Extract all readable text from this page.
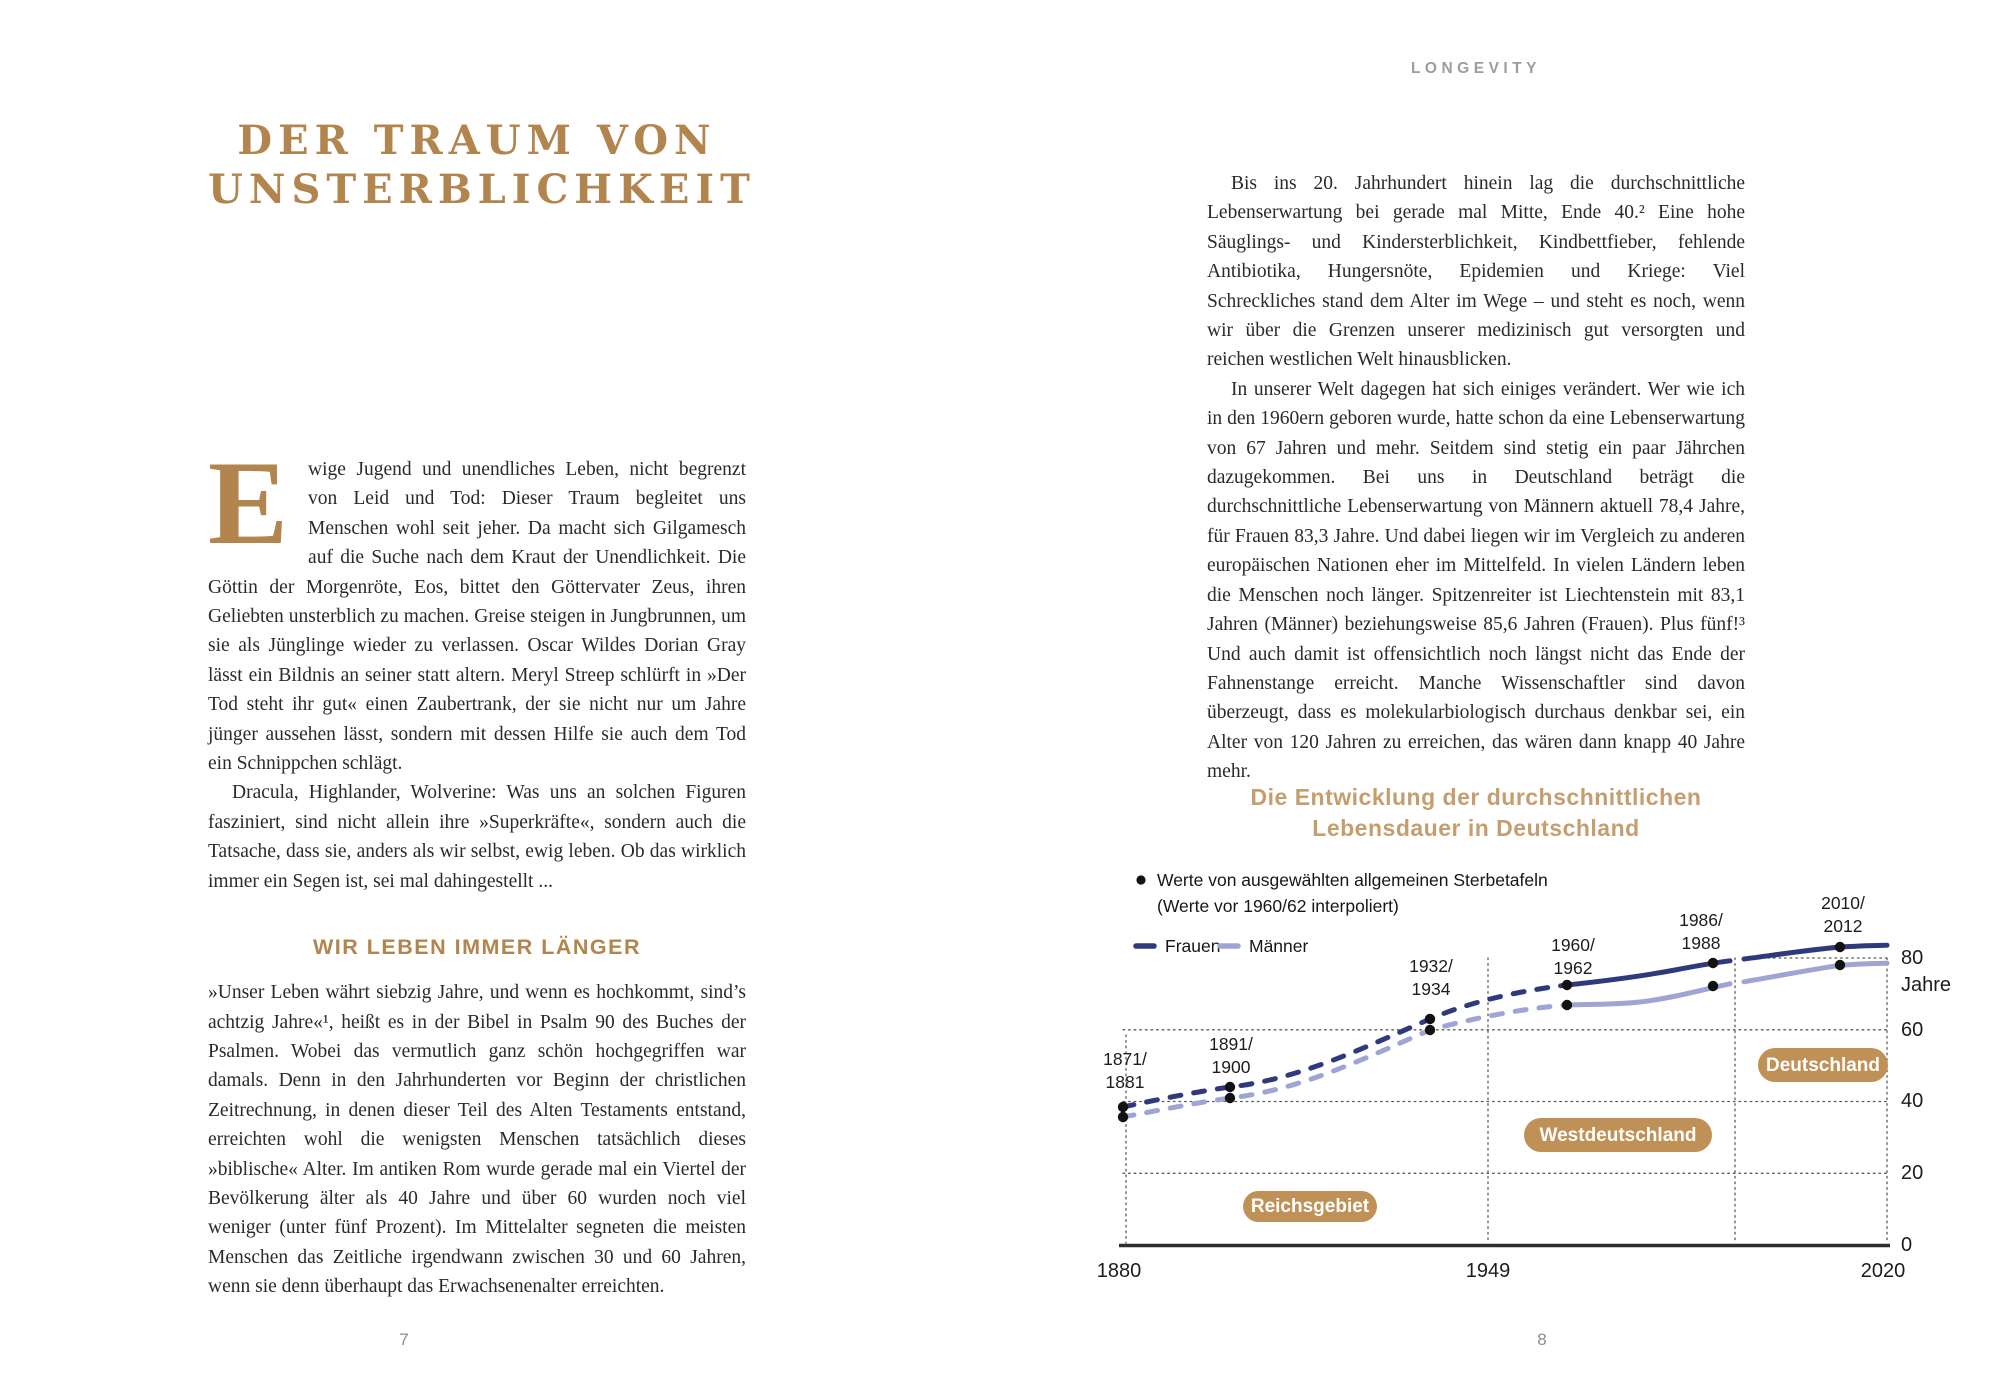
DER TRAUM VON
UNSTERBLICHKEIT

E wige Jugend und unendliches Leben, nicht begrenzt von Leid und Tod: Dieser Traum begleitet uns Menschen wohl seit jeher. Da macht sich Gilgamesch auf die Suche nach dem Kraut der Unendlichkeit. Die Göttin der Morgenröte, Eos, bittet den Göttervater Zeus, ihren Geliebten unsterblich zu machen. Greise steigen in Jungbrunnen, um sie als Jünglinge wieder zu verlassen. Oscar Wildes Dorian Gray lässt ein Bildnis an seiner statt altern. Meryl Streep schlürft in »Der Tod steht ihr gut« einen Zaubertrank, der sie nicht nur um Jahre jünger aussehen lässt, sondern mit dessen Hilfe sie auch dem Tod ein Schnippchen schlägt.

Dracula, Highlander, Wolverine: Was uns an solchen Figuren fasziniert, sind nicht allein ihre »Superkräfte«, sondern auch die Tatsache, dass sie, anders als wir selbst, ewig leben. Ob das wirklich immer ein Segen ist, sei mal dahingestellt ...

WIR LEBEN IMMER LÄNGER

»Unser Leben währt siebzig Jahre, und wenn es hochkommt, sind’s achtzig Jahre«¹, heißt es in der Bibel in Psalm 90 des Buches der Psalmen. Wobei das vermutlich ganz schön hochgegriffen war damals. Denn in den Jahrhunderten vor Beginn der christlichen Zeitrechnung, in denen dieser Teil des Alten Testaments entstand, erreichten wohl die wenigsten Menschen tatsächlich dieses »biblische« Alter. Im antiken Rom wurde gerade mal ein Viertel der Bevölkerung älter als 40 Jahre und über 60 wurden noch viel weniger (unter fünf Prozent). Im Mittelalter segneten die meisten Menschen das Zeitliche irgendwann zwischen 30 und 60 Jahren, wenn sie denn überhaupt das Erwachsenenalter erreichten.

7
LONGEVITY

Bis ins 20. Jahrhundert hinein lag die durchschnittliche Lebenserwartung bei gerade mal Mitte, Ende 40.² Eine hohe Säuglings- und Kindersterblichkeit, Kindbettfieber, fehlende Antibiotika, Hungersnöte, Epidemien und Kriege: Viel Schreckliches stand dem Alter im Wege – und steht es noch, wenn wir über die Grenzen unserer medizinisch gut versorgten und reichen westlichen Welt hinausblicken.

In unserer Welt dagegen hat sich einiges verändert. Wer wie ich in den 1960ern geboren wurde, hatte schon da eine Lebenserwartung von 67 Jahren und mehr. Seitdem sind stetig ein paar Jährchen dazugekommen. Bei uns in Deutschland beträgt die durchschnittliche Lebenserwartung von Männern aktuell 78,4 Jahre, für Frauen 83,3 Jahre. Und dabei liegen wir im Vergleich zu anderen europäischen Nationen eher im Mittelfeld. In vielen Ländern leben die Menschen noch länger. Spitzenreiter ist Liechtenstein mit 83,1 Jahren (Männer) beziehungsweise 85,6 Jahren (Frauen). Plus fünf!³ Und auch damit ist offensichtlich noch längst nicht das Ende der Fahnenstange erreicht. Manche Wissenschaftler sind davon überzeugt, dass es molekularbiologisch durchaus denkbar sei, ein Alter von 120 Jahren zu erreichen, das wären dann knapp 40 Jahre mehr.

Die Entwicklung der durchschnittlichen
Lebensdauer in Deutschland
8
1871/ 1881
1891/ 1900
1932/ 1934
1960/ 1962
1986/ 1988
2010/ 2012
Werte von ausgewählten allgemeinen Sterbetafeln
(Werte vor 1960/62 interpoliert)
Frauen Männer
Reichsgebiet
Westdeutschland
Deutschland
1880	1949	2020
80
Jahre
60
40
20
0
